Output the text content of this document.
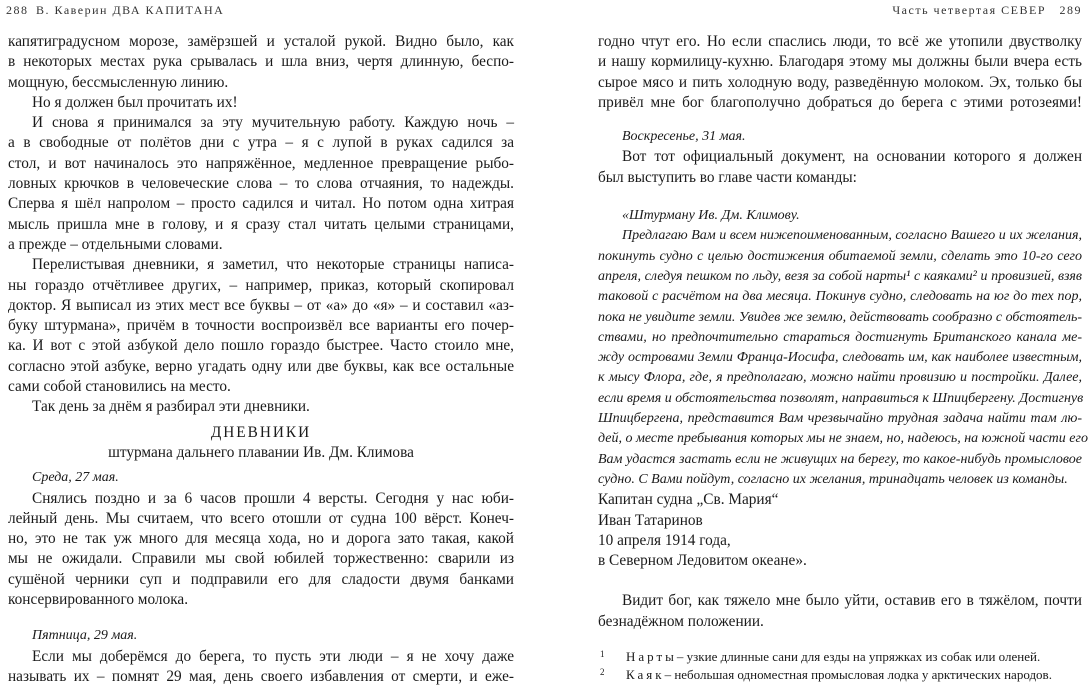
288 В. Каверин ДВА КАПИТАНА
капятиградусном морозе, замёрзшей и усталой рукой. Видно было, как
в некоторых местах рука срывалась и шла вниз, чертя длинную, беспо-
мощную, бессмысленную линию.
Но я должен был прочитать их!
И снова я принимался за эту мучительную работу. Каждую ночь –
а в свободные от полётов дни с утра – я с лупой в руках садился за
стол, и вот начиналось это напряжённое, медленное превращение рыбо-
ловных крючков в человеческие слова – то слова отчаяния, то надежды.
Сперва я шёл напролом – просто садился и читал. Но потом одна хитрая
мысль пришла мне в голову, и я сразу стал читать целыми страницами,
а прежде – отдельными словами.
Перелистывая дневники, я заметил, что некоторые страницы написа-
ны гораздо отчётливее других, – например, приказ, который скопировал
доктор. Я выписал из этих мест все буквы – от «а» до «я» – и составил «аз-
буку штурмана», причём в точности воспроизвёл все варианты его почер-
ка. И вот с этой азбукой дело пошло гораздо быстрее. Часто стоило мне,
согласно этой азбуке, верно угадать одну или две буквы, как все остальные
сами собой становились на место.
Так день за днём я разбирал эти дневники.
ДНЕВНИКИ
штурмана дальнего плавании Ив. Дм. Климова
Среда, 27 мая.
Снялись поздно и за 6 часов прошли 4 версты. Сегодня у нас юби-
лейный день. Мы считаем, что всего отошли от судна 100 вёрст. Конеч-
но, это не так уж много для месяца хода, но и дорога зато такая, какой
мы не ожидали. Справили мы свой юбилей торжественно: сварили из
сушёной черники суп и подправили его для сладости двумя банками
консервированного молока.
Пятница, 29 мая.
Если мы доберёмся до берега, то пусть эти люди – я не хочу даже
называть их – помнят 29 мая, день своего избавления от смерти, и еже-
Часть четвертая СЕВЕР 289
годно чтут его. Но если спаслись люди, то всё же утопили двустволку
и нашу кормилицу-кухню. Благодаря этому мы должны были вчера есть
сырое мясо и пить холодную воду, разведённую молоком. Эх, только бы
привёл мне бог благополучно добраться до берега с этими ротозеями!
Воскресенье, 31 мая.
Вот тот официальный документ, на основании которого я должен
был выступить во главе части команды:
«Штурману Ив. Дм. Климову.
Предлагаю Вам и всем нижепоименованным, согласно Вашего и их желания,
покинуть судно с целью достижения обитаемой земли, сделать это 10-го сего
апреля, следуя пешком по льду, везя за собой нарты¹ с каяками² и провизией, взяв
таковой с расчётом на два месяца. Покинув судно, следовать на юг до тех пор,
пока не увидите земли. Увидев же землю, действовать сообразно с обстоятель-
ствами, но предпочтительно стараться достигнуть Британского канала ме-
жду островами Земли Франца-Иосифа, следовать им, как наиболее известным,
к мысу Флора, где, я предполагаю, можно найти провизию и постройки. Далее,
если время и обстоятельства позволят, направиться к Шпицбергену. Достигнув
Шпицбергена, представится Вам чрезвычайно трудная задача найти там лю-
дей, о месте пребывания которых мы не знаем, но, надеюсь, на южной части его
Вам удастся застать если не живущих на берегу, то какое-нибудь промысловое
судно. С Вами пойдут, согласно их желания, тринадцать человек из команды.
Капитан судна „Св. Мария“
Иван Татаринов
10 апреля 1914 года,
в Северном Ледовитом океане».
Видит бог, как тяжело мне было уйти, оставив его в тяжёлом, почти
безнадёжном положении.
1	Нарты – узкие длинные сани для езды на упряжках из собак или оленей.
2	Каяк – небольшая одноместная промысловая лодка у арктических народов.
